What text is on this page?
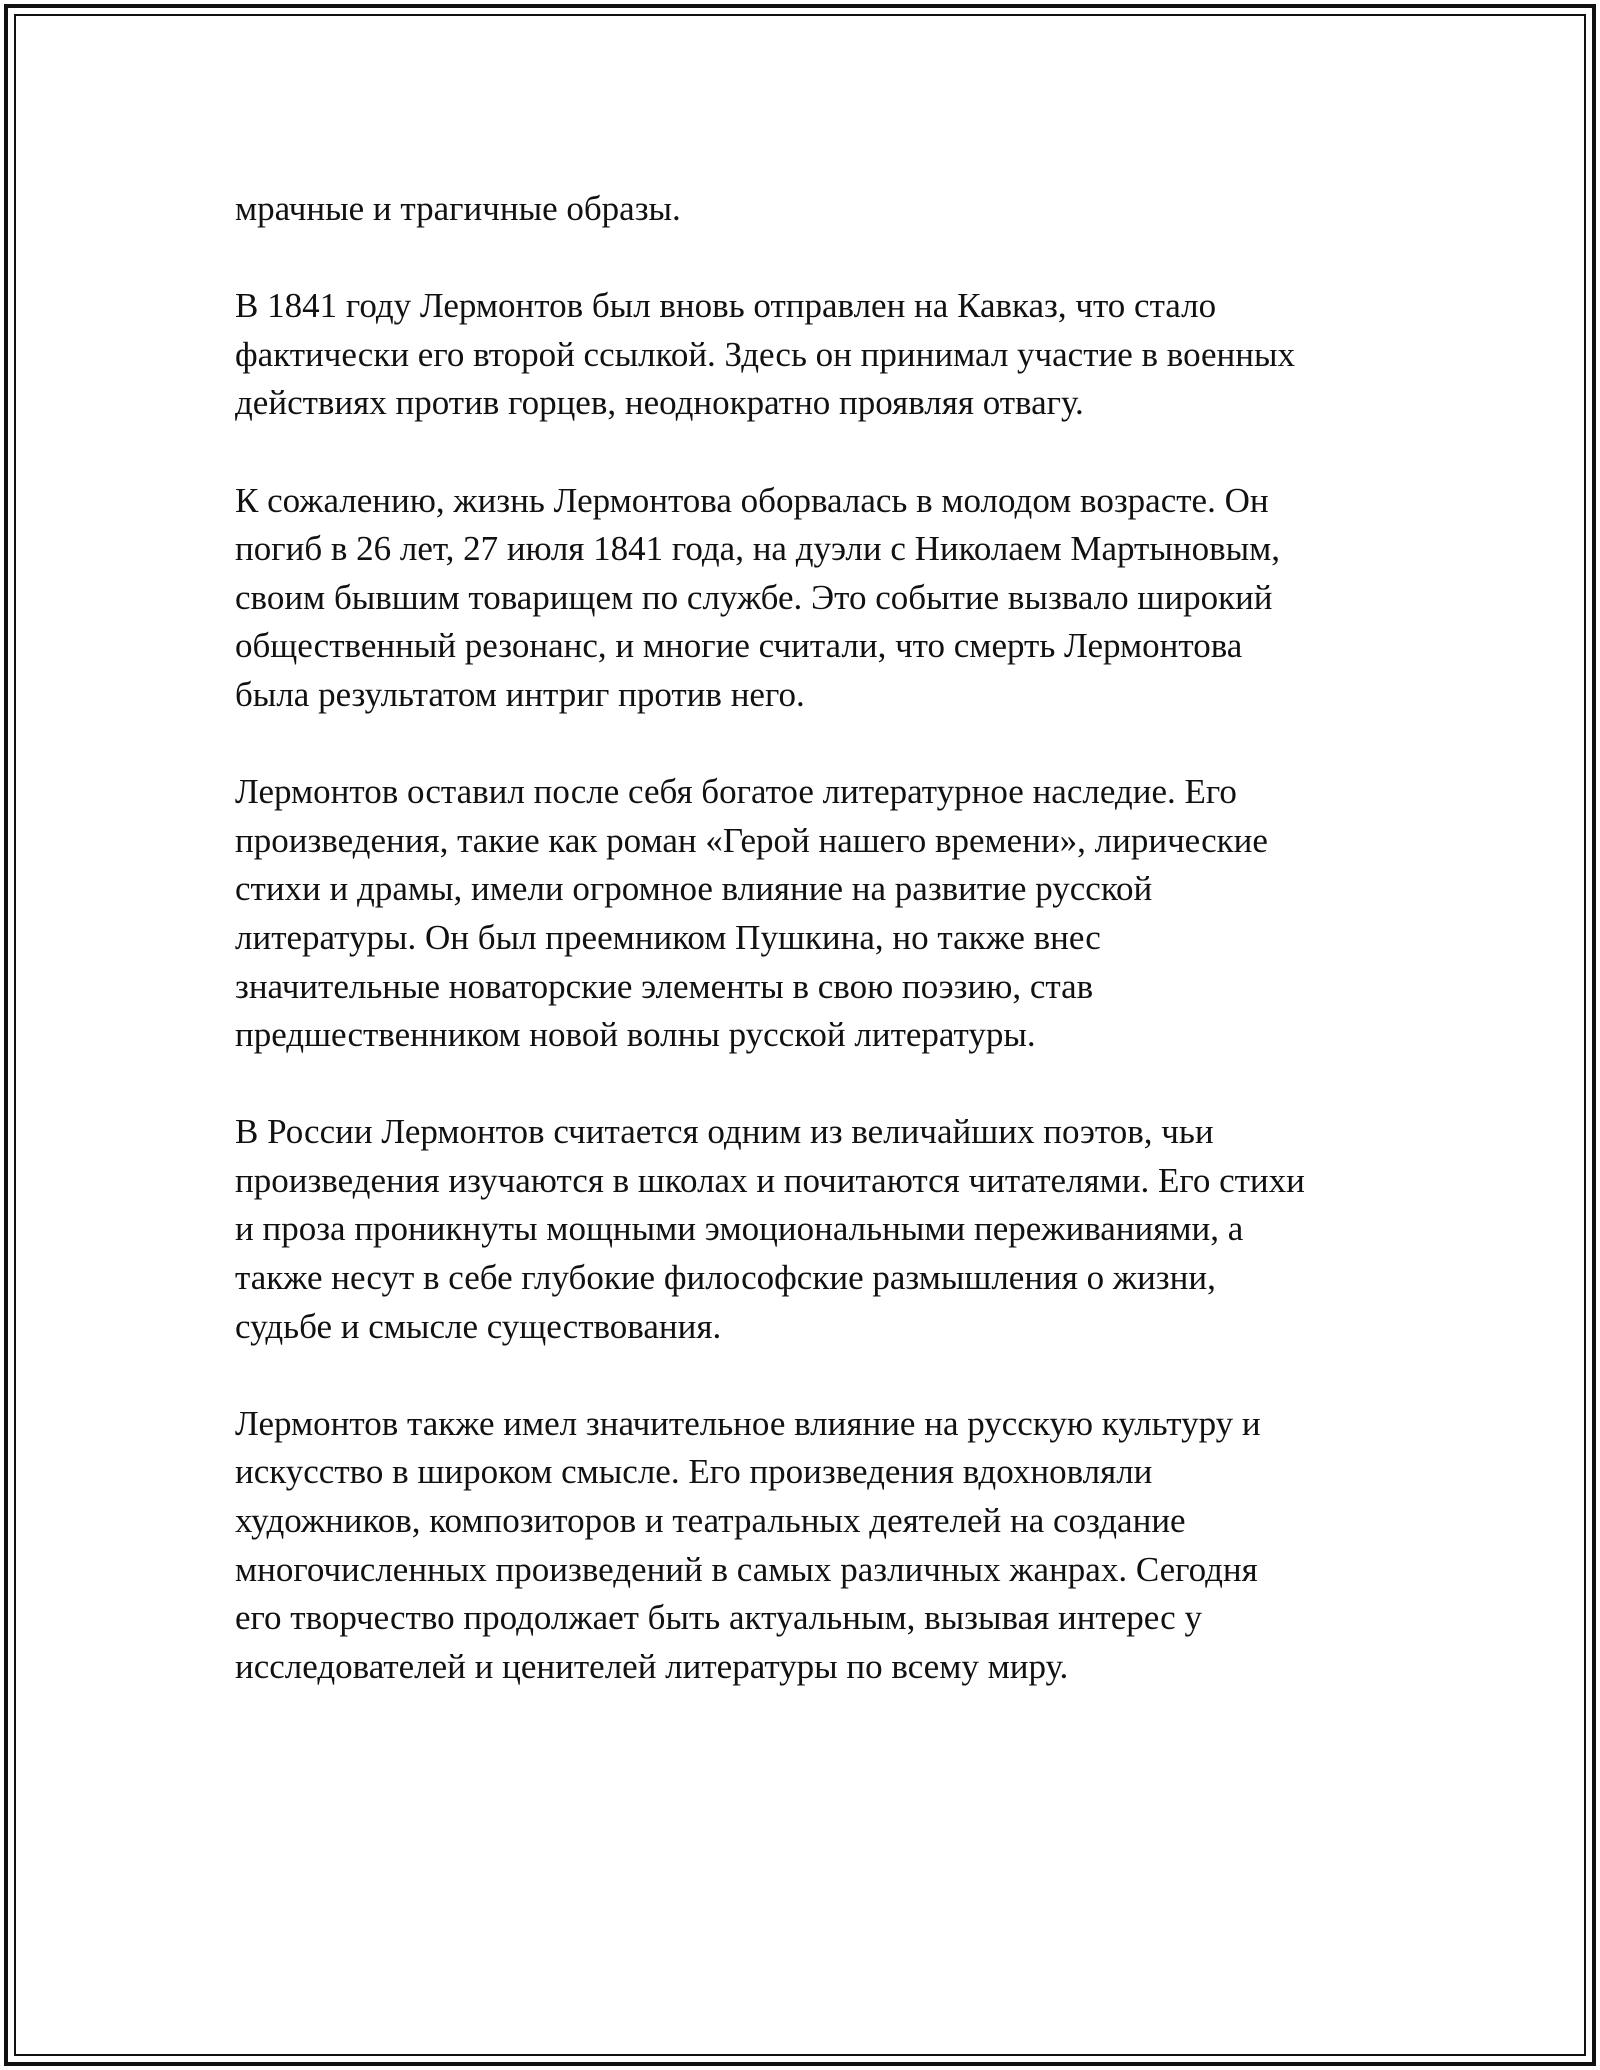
мрачные и трагичные образы.

В 1841 году Лермонтов был вновь отправлен на Кавказ, что стало
фактически его второй ссылкой. Здесь он принимал участие в военных
действиях против горцев, неоднократно проявляя отвагу.

К сожалению, жизнь Лермонтова оборвалась в молодом возрасте. Он
погиб в 26 лет, 27 июля 1841 года, на дуэли с Николаем Мартыновым,
своим бывшим товарищем по службе. Это событие вызвало широкий
общественный резонанс, и многие считали, что смерть Лермонтова
была результатом интриг против него.

Лермонтов оставил после себя богатое литературное наследие. Его
произведения, такие как роман «Герой нашего времени», лирические
стихи и драмы, имели огромное влияние на развитие русской
литературы. Он был преемником Пушкина, но также внес
значительные новаторские элементы в свою поэзию, став
предшественником новой волны русской литературы.

В России Лермонтов считается одним из величайших поэтов, чьи
произведения изучаются в школах и почитаются читателями. Его стихи
и проза проникнуты мощными эмоциональными переживаниями, а
также несут в себе глубокие философские размышления о жизни,
судьбе и смысле существования.

Лермонтов также имел значительное влияние на русскую культуру и
искусство в широком смысле. Его произведения вдохновляли
художников, композиторов и театральных деятелей на создание
многочисленных произведений в самых различных жанрах. Сегодня
его творчество продолжает быть актуальным, вызывая интерес у
исследователей и ценителей литературы по всему миру.
